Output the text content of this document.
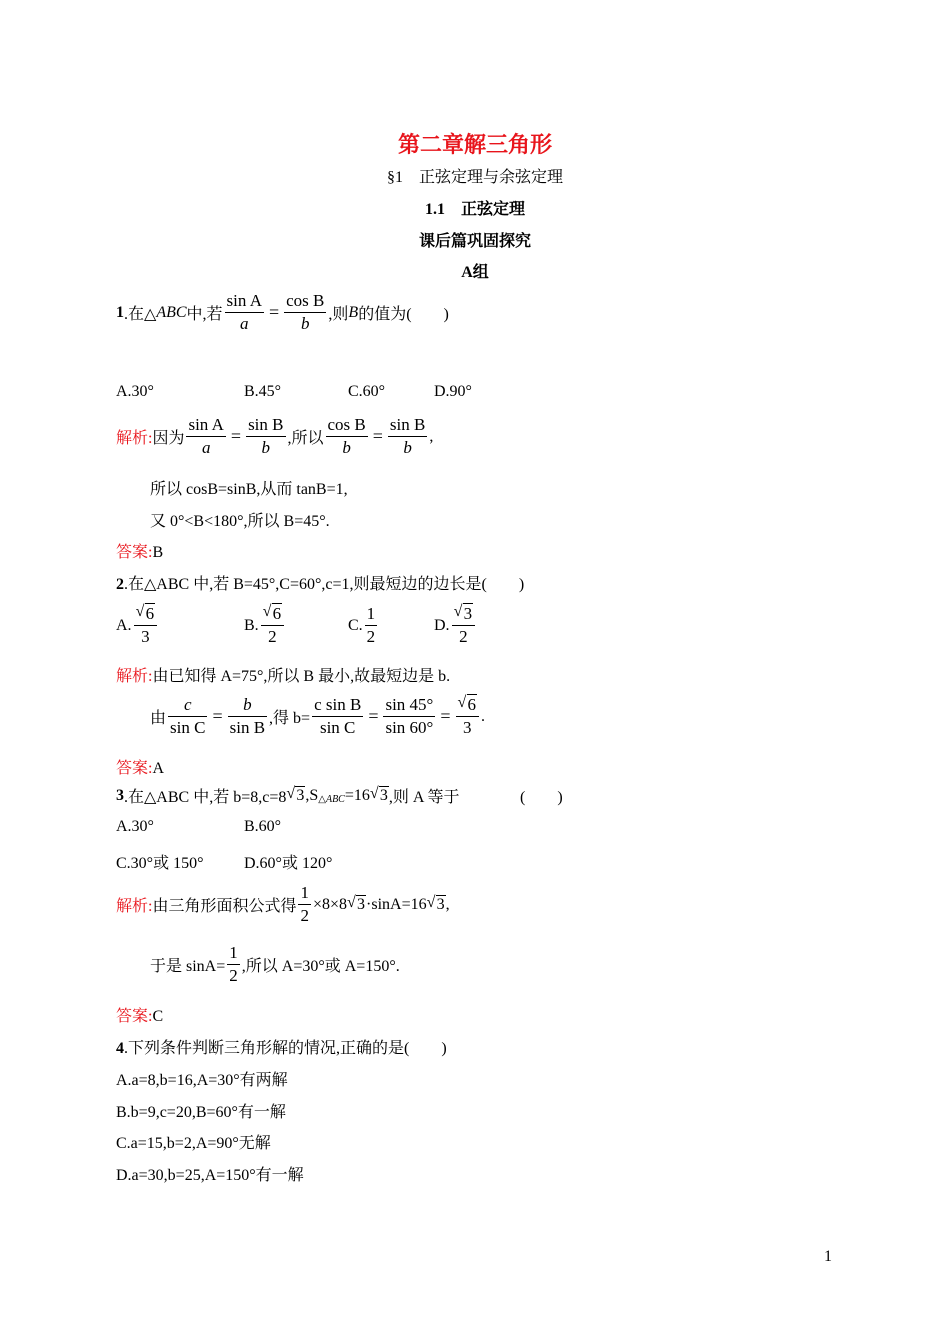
第二章解三角形
§1　正弦定理与余弦定理
1.1　正弦定理
课后篇巩固探究
A组
1 .在△ ABC 中,若 $\frac{\text{sin A}}{a} = \frac{\text{cos B}}{b}$ ,则 B 的值为(　　)
A.30°	B.45°	C.60°	D.90°
解析: 因为 $\frac{\text{sin A}}{a} = \frac{\text{sin B}}{b}$ ,所以 $\frac{\text{cos B}}{b} = \frac{\text{sin B}}{b}$ ,
所以 cosB=sinB,从而 tanB=1,
又 0°<B<180°,所以 B=45°.
答案:B
2.在△ABC 中,若 B=45°,C=60°,c=1,则最短边的边长是(　　)
A. $\frac{√ 6}{3}$	B. $\frac{√ 6}{2}$	C. $\frac{1}{2}$	D. $\frac{√ 3}{2}$
解析:由已知得 A=75°,所以 B 最小,故最短边是 b.
由 $\frac{c}{\text{sin C}} = \frac{b}{\text{sin B}}$ ,得 $b= \frac{\text{c sin B}}{\text{sin C}} = \frac{\sin 45^\circ}{\sin 60^\circ} = \frac{√ 6}{3}$ .
答案:A
3 .在△ABC 中,若 b=8,c=8 √ 3 ,S △ABC =16 √ 3 ,则 A 等于	(　　)
A.30°	B.60°
C.30°或 150°	D.60°或 120°
解析: 由三角形面积公式得 $\frac{1}{2} \times 8\times 8$ √ 3 ·sinA=16 √ 3 ,
于是 $\sin A= \frac{1}{2}$ ,所以 A=30°或 A=150°.
答案:C
4.下列条件判断三角形解的情况,正确的是(　　)
A.a=8,b=16,A=30°有两解
B.b=9,c=20,B=60°有一解
C.a=15,b=2,A=90°无解
D.a=30,b=25,A=150°有一解
1
